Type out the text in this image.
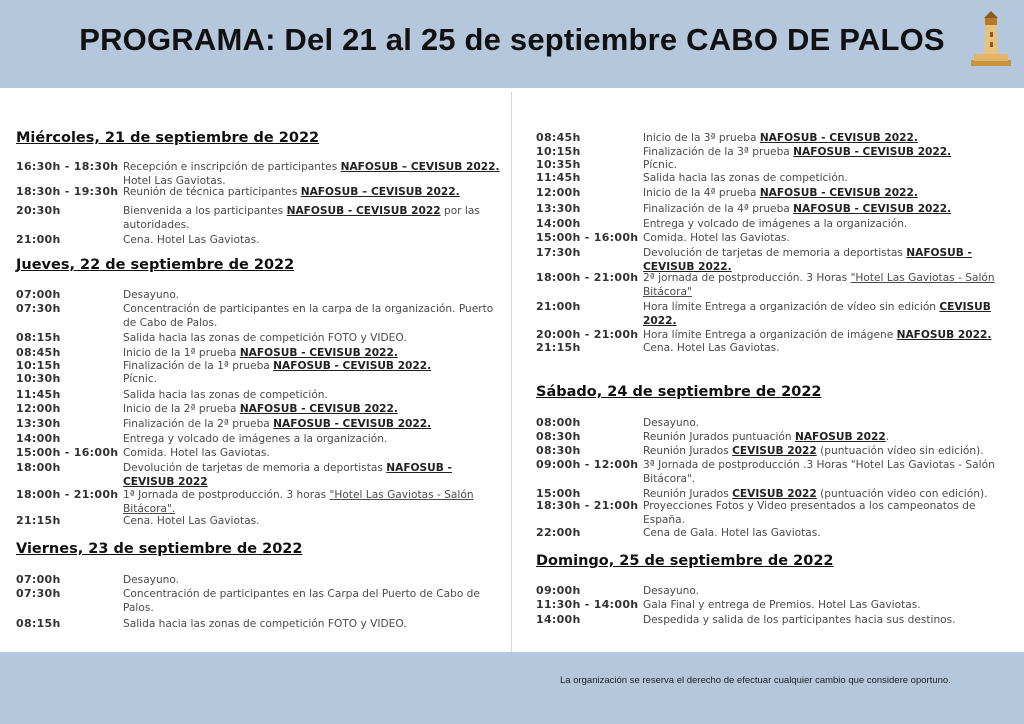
PROGRAMA: Del 21 al 25 de septiembre CABO DE PALOS
Miércoles, 21 de septiembre de 2022
16:30h - 18:30h Recepción e inscripción de participantes NAFOSUB – CEVISUB 2022. Hotel Las Gaviotas.
18:30h - 19:30h Reunión de técnica participantes NAFOSUB – CEVISUB 2022.
20:30h	Bienvenida a los participantes NAFOSUB - CEVISUB 2022 por las autoridades.
21:00h	Cena. Hotel Las Gaviotas.
Jueves, 22 de septiembre de 2022
07:00h	Desayuno.
07:30h	Concentración de participantes en la carpa de la organización. Puerto de Cabo de Palos.
08:15h	Salida hacia las zonas de competición FOTO y VIDEO.
08:45h	Inicio de la 1ª prueba NAFOSUB - CEVISUB 2022.
10:15h	Finalización de la 1ª prueba NAFOSUB - CEVISUB 2022.
10:30h	Pícnic.
11:45h	Salida hacia las zonas de competición.
12:00h	Inicio de la 2ª prueba NAFOSUB - CEVISUB 2022.
13:30h	Finalización de la 2ª prueba NAFOSUB - CEVISUB 2022.
14:00h	Entrega y volcado de imágenes a la organización.
15:00h - 16:00h Comida. Hotel las Gaviotas.
18:00h	Devolución de tarjetas de memoria a deportistas NAFOSUB - CEVISUB 2022
18:00h - 21:00h 1ª Jornada de postproducción. 3 horas "Hotel Las Gaviotas - Salón Bitácora".
21:15h	Cena. Hotel Las Gaviotas.
Viernes, 23 de septiembre de 2022
07:00h	Desayuno.
07:30h	Concentración de participantes en las Carpa del Puerto de Cabo de Palos.
08:15h	Salida hacia las zonas de competición FOTO y VIDEO.
08:45h	Inicio de la 3ª prueba NAFOSUB - CEVISUB 2022.
10:15h	Finalización de la 3ª prueba NAFOSUB - CEVISUB 2022.
10:35h	Pícnic.
11:45h	Salida hacia las zonas de competición.
12:00h	Inicio de la 4ª prueba NAFOSUB - CEVISUB 2022.
13:30h	Finalización de la 4ª prueba NAFOSUB - CEVISUB 2022.
14:00h	Entrega y volcado de imágenes a la organización.
15:00h - 16:00h Comida. Hotel las Gaviotas.
17:30h	Devolución de tarjetas de memoria a deportistas NAFOSUB - CEVISUB 2022.
18:00h - 21:00h 2ª jornada de postproducción. 3 Horas "Hotel Las Gaviotas - Salón Bitácora"
21:00h	Hora límite Entrega a organización de vídeo sin edición CEVISUB 2022.
20:00h - 21:00h Hora límite Entrega a organización de imágene NAFOSUB 2022.
21:15h	Cena. Hotel Las Gaviotas.
Sábado, 24 de septiembre de 2022
08:00h	Desayuno.
08:30h	Reunión Jurados puntuación NAFOSUB 2022.
08:30h	Reunión Jurados CEVISUB 2022 (puntuación vídeo sin edición).
09:00h - 12:00h 3ª Jornada de postproducción .3 Horas "Hotel Las Gaviotas - Salón Bitácora".
15:00h	Reunión Jurados CEVISUB 2022 (puntuación video con edición).
18:30h - 21:00h Proyecciones Fotos y Video presentados a los campeonatos de España.
22:00h	Cena de Gala. Hotel las Gaviotas.
Domingo, 25 de septiembre de 2022
09:00h	Desayuno.
11:30h - 14:00h Gala Final y entrega de Premios. Hotel Las Gaviotas.
14:00h	Despedida y salida de los participantes hacia sus destinos.
La organización se reserva el derecho de efectuar cualquier cambio que considere oportuno.
